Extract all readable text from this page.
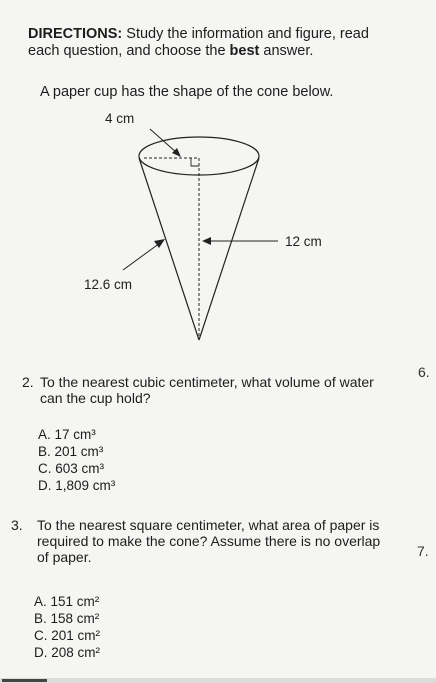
DIRECTIONS: Study the information and figure, read each question, and choose the best answer.
A paper cup has the shape of the cone below.
4 cm
12 cm
12.6 cm
2. To the nearest cubic centimeter, what volume of water can the cup hold?
A. 17 cm³
B. 201 cm³
C. 603 cm³
D. 1,809 cm³
3. To the nearest square centimeter, what area of paper is required to make the cone? Assume there is no overlap of paper.
A. 151 cm²
B. 158 cm²
C. 201 cm²
D. 208 cm²
6.
7.
